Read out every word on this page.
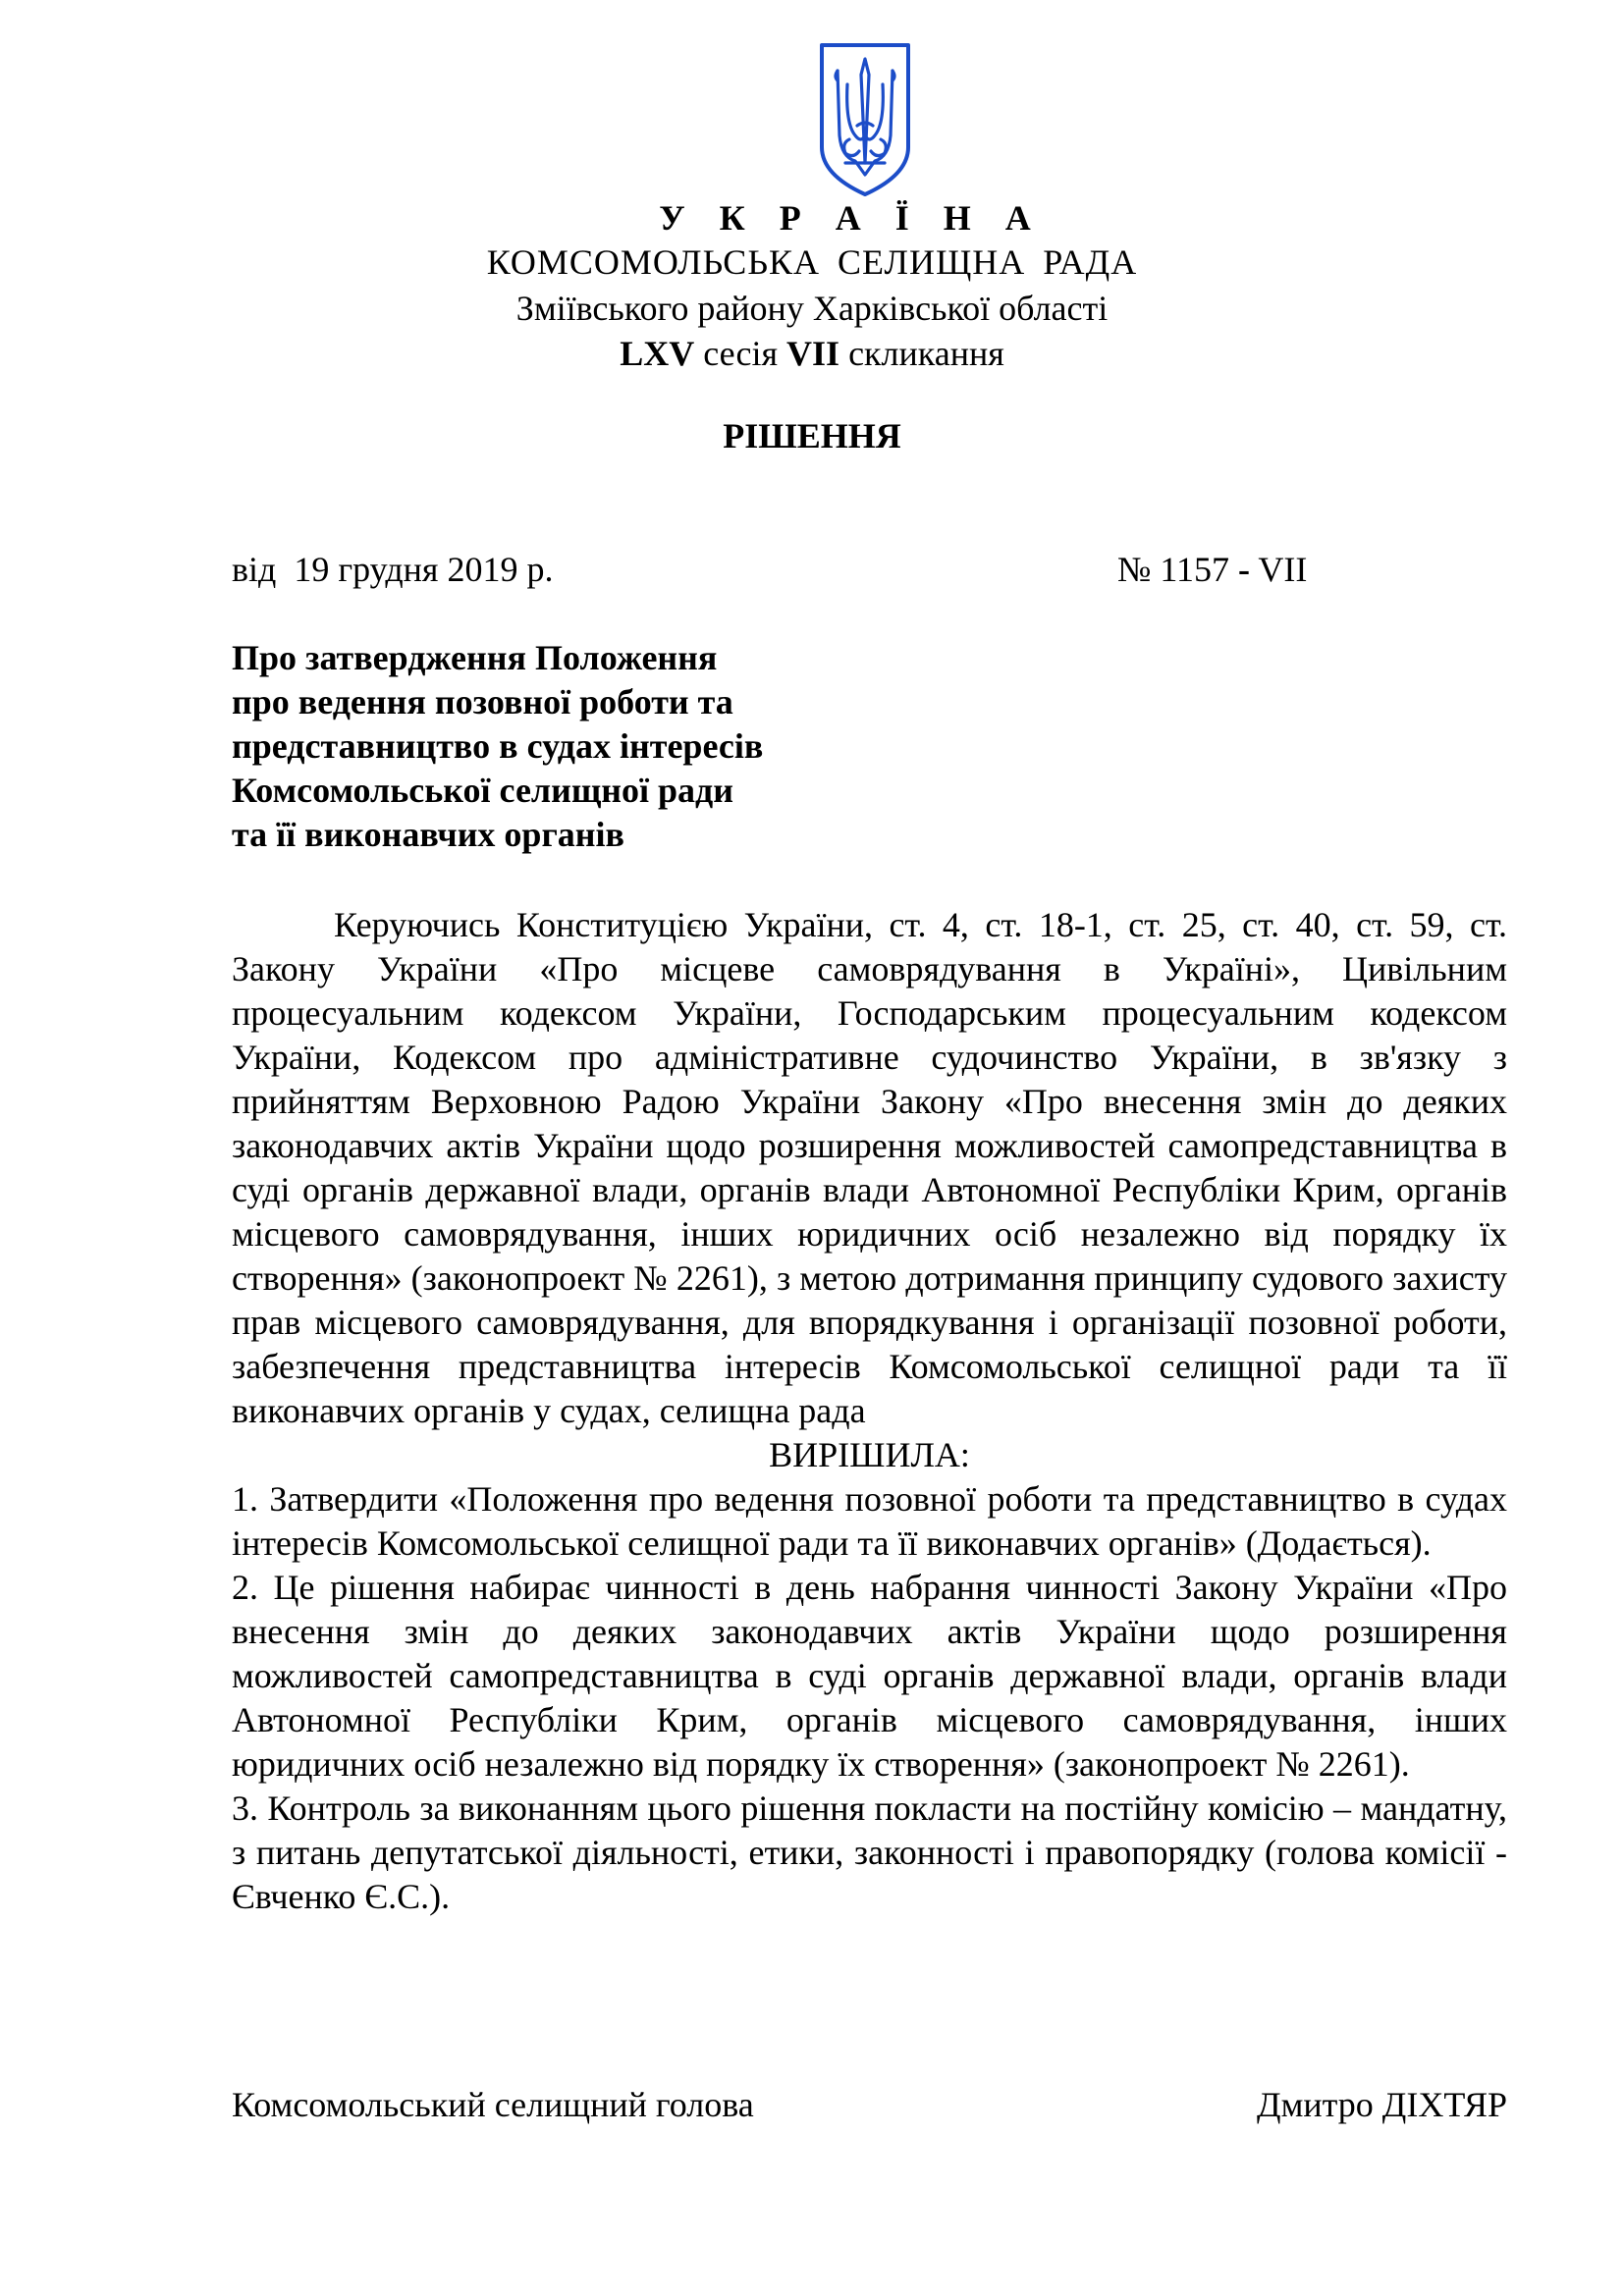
У К Р А Ї Н А
КОМСОМОЛЬСЬКА СЕЛИЩНА РАДА
Зміївського району Харківської області
LXV сесія VII скликання
РІШЕННЯ
від  19 грудня 2019 р.	№ 1157 - VII
Про затвердження Положення
про ведення позовної роботи та
представництво в судах інтересів
Комсомольської селищної ради
та її виконавчих органів

Керуючись Конституцією України, ст. 4, ст. 18-1, ст. 25, ст. 40, ст. 59, ст. Закону України «Про місцеве самоврядування в Україні», Цивільним процесуальним кодексом України, Господарським процесуальним кодексом України, Кодексом про адміністративне судочинство України, в зв'язку з прийняттям Верховною Радою України Закону «Про внесення змін до деяких законодавчих актів України щодо розширення можливостей самопредставництва в суді органів державної влади, органів влади Автономної Республіки Крим, органів місцевого самоврядування, інших юридичних осіб незалежно від порядку їх створення» (законопроект № 2261), з метою дотримання принципу судового захисту прав місцевого самоврядування, для впорядкування і організації позовної роботи, забезпечення представництва інтересів Комсомольської селищної ради та її виконавчих органів у судах, селищна рада

ВИРІШИЛА:

1. Затвердити «Положення про ведення позовної роботи та представництво в судах інтересів Комсомольської селищної ради та її виконавчих органів» (Додається).

2. Це рішення набирає чинності в день набрання чинності Закону України «Про внесення змін до деяких законодавчих актів України щодо розширення можливостей самопредставництва в суді органів державної влади, органів влади Автономної Республіки Крим, органів місцевого самоврядування, інших юридичних осіб незалежно від порядку їх створення» (законопроект № 2261).

3. Контроль за виконанням цього рішення покласти на постійну комісію – мандатну, з питань депутатської діяльності, етики, законності і правопорядку (голова комісії - Євченко Є.С.).

Комсомольський селищний голова	Дмитро ДІХТЯР
